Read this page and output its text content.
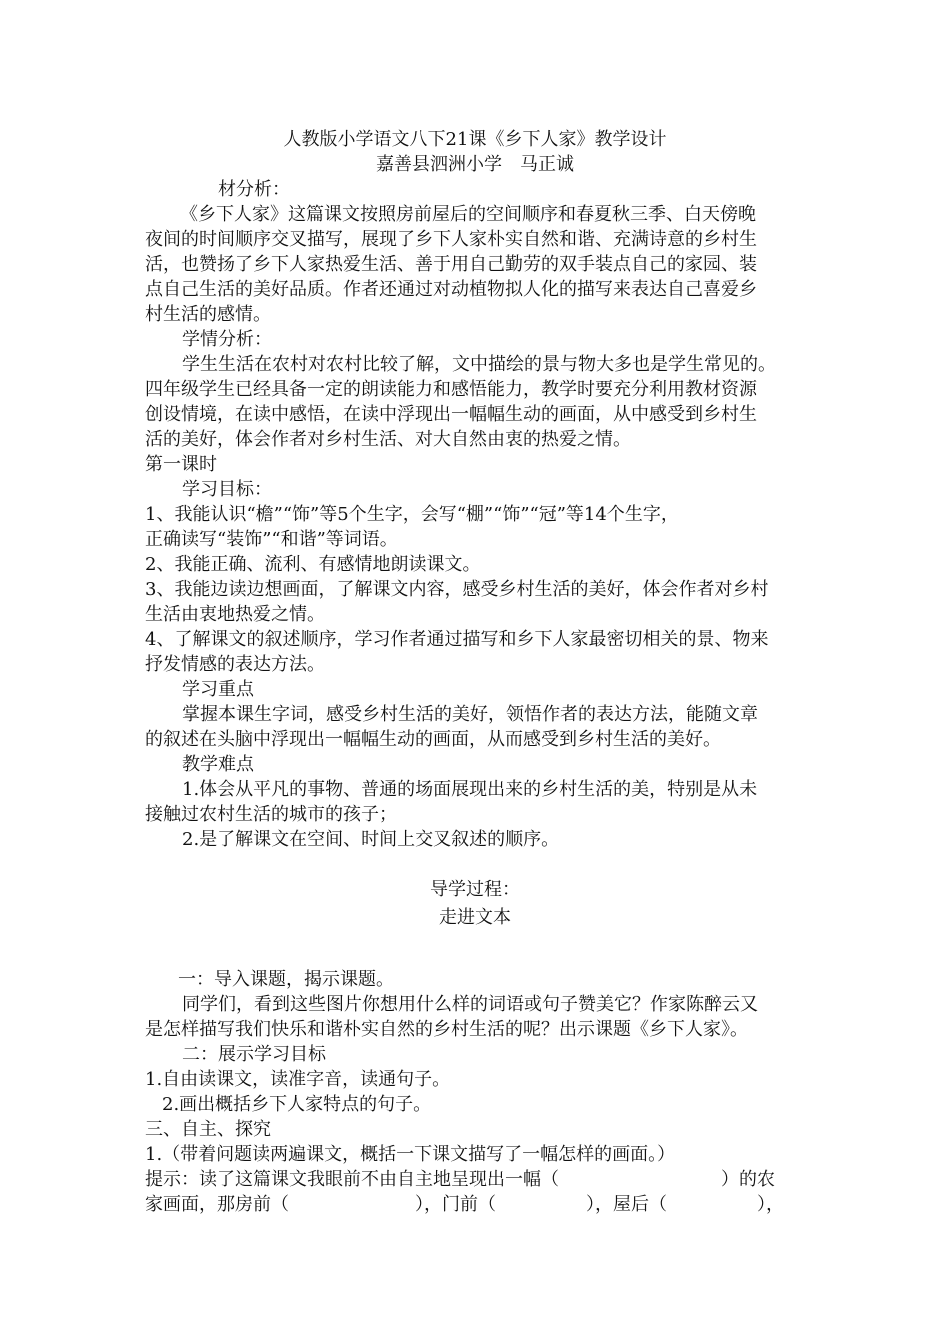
人教版小学语文八下21课《乡下人家》教学设计
嘉善县泗洲小学　马正诚
材分析：
《乡下人家》这篇课文按照房前屋后的空间顺序和春夏秋三季、白天傍晚
夜间的时间顺序交叉描写，展现了乡下人家朴实自然和谐、充满诗意的乡村生
活，也赞扬了乡下人家热爱生活、善于用自己勤劳的双手装点自己的家园、装
点自己生活的美好品质。作者还通过对动植物拟人化的描写来表达自己喜爱乡
村生活的感情。
学情分析：
学生生活在农村对农村比较了解，文中描绘的景与物大多也是学生常见的。
四年级学生已经具备一定的朗读能力和感悟能力，教学时要充分利用教材资源
创设情境，在读中感悟，在读中浮现出一幅幅生动的画面，从中感受到乡村生
活的美好，体会作者对乡村生活、对大自然由衷的热爱之情。
第一课时
学习目标：
1、我能认识“檐”“饰”等5个生字，会写“棚”“饰”“冠”等14个生字，
正确读写“装饰”“和谐”等词语。
2、我能正确、流利、有感情地朗读课文。
3、我能边读边想画面，了解课文内容，感受乡村生活的美好，体会作者对乡村
生活由衷地热爱之情。
4、了解课文的叙述顺序，学习作者通过描写和乡下人家最密切相关的景、物来
抒发情感的表达方法。
学习重点
掌握本课生字词，感受乡村生活的美好，领悟作者的表达方法，能随文章
的叙述在头脑中浮现出一幅幅生动的画面，从而感受到乡村生活的美好。
教学难点
1.体会从平凡的事物、普通的场面展现出来的乡村生活的美，特别是从未
接触过农村生活的城市的孩子；
2.是了解课文在空间、时间上交叉叙述的顺序。
导学过程：
走进文本
一：导入课题，揭示课题。
同学们，看到这些图片你想用什么样的词语或句子赞美它？作家陈醉云又
是怎样描写我们快乐和谐朴实自然的乡村生活的呢？出示课题《乡下人家》。
二：展示学习目标
1.自由读课文，读准字音，读通句子。
2.画出概括乡下人家特点的句子。
三、自主、探究
1.（带着问题读两遍课文，概括一下课文描写了一幅怎样的画面。）
提示：读了这篇课文我眼前不由自主地呈现出一幅（　　　　　　　　　）的农
家画面，那房前（　　　　　　　），门前（　　　　　），屋后（　　　　　），
